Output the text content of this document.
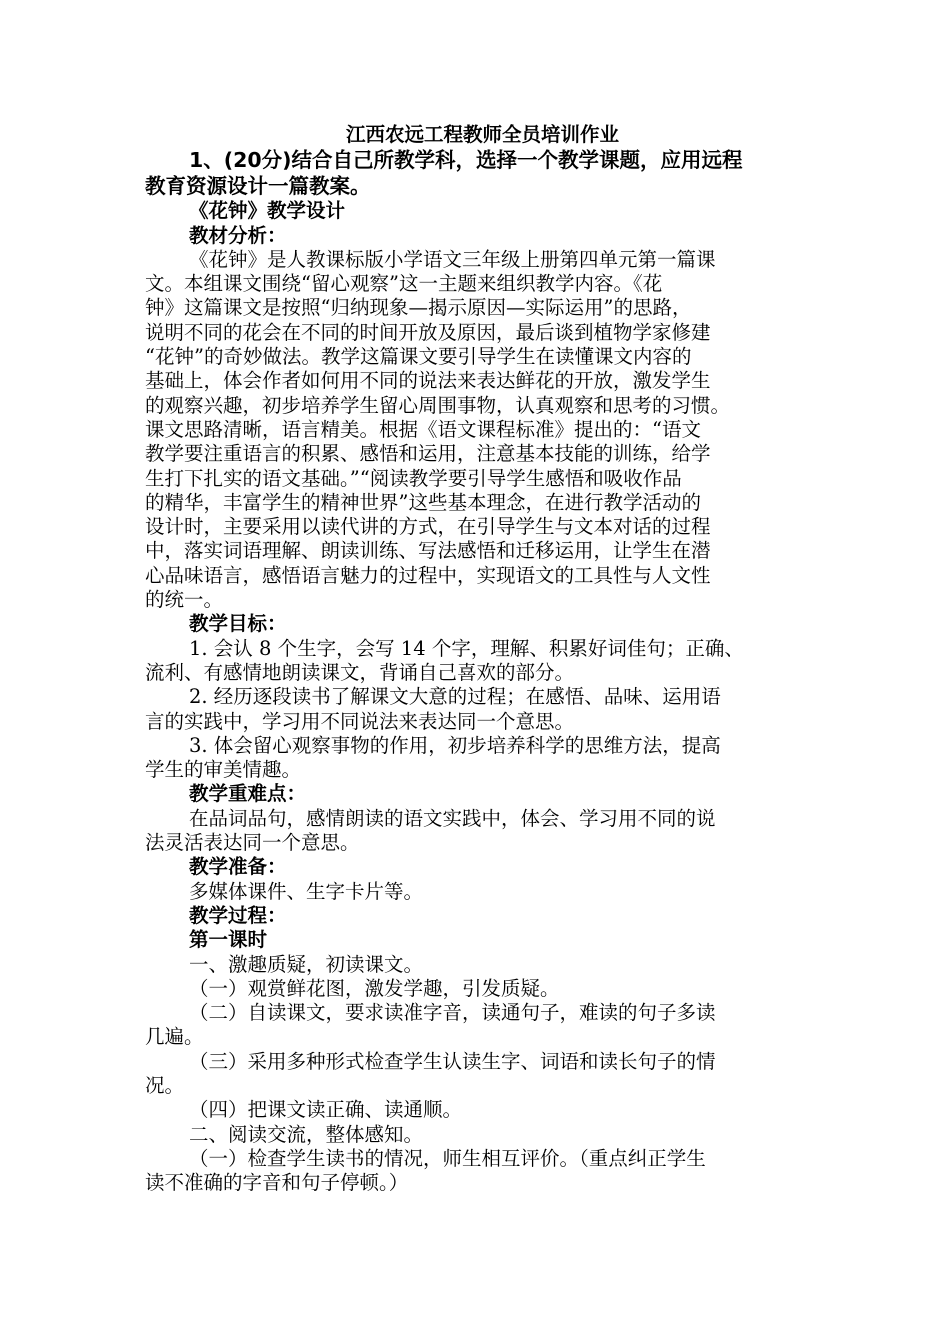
江西农远工程教师全员培训作业
1、(20分)结合自己所教学科，选择一个教学课题，应用远程
教育资源设计一篇教案。
《花钟》教学设计
教材分析：
《花钟》是人教课标版小学语文三年级上册第四单元第一篇课
文。本组课文围绕“留心观察”这一主题来组织教学内容。《花
钟》这篇课文是按照“归纳现象—揭示原因—实际运用”的思路，
说明不同的花会在不同的时间开放及原因，最后谈到植物学家修建
“花钟”的奇妙做法。教学这篇课文要引导学生在读懂课文内容的
基础上，体会作者如何用不同的说法来表达鲜花的开放，激发学生
的观察兴趣，初步培养学生留心周围事物，认真观察和思考的习惯。
课文思路清晰，语言精美。根据《语文课程标准》提出的：“语文
教学要注重语言的积累、感悟和运用，注意基本技能的训练，给学
生打下扎实的语文基础。”“阅读教学要引导学生感悟和吸收作品
的精华，丰富学生的精神世界”这些基本理念，在进行教学活动的
设计时，主要采用以读代讲的方式，在引导学生与文本对话的过程
中，落实词语理解、朗读训练、写法感悟和迁移运用，让学生在潜
心品味语言，感悟语言魅力的过程中，实现语文的工具性与人文性
的统一。
教学目标：
1. 会认 8 个生字，会写 14 个字，理解、积累好词佳句；正确、
流利、有感情地朗读课文，背诵自己喜欢的部分。
2. 经历逐段读书了解课文大意的过程；在感悟、品味、运用语
言的实践中，学习用不同说法来表达同一个意思。
3. 体会留心观察事物的作用，初步培养科学的思维方法，提高
学生的审美情趣。
教学重难点：
在品词品句，感情朗读的语文实践中，体会、学习用不同的说
法灵活表达同一个意思。
教学准备：
多媒体课件、生字卡片等。
教学过程：
第一课时
一、激趣质疑，初读课文。
（一）观赏鲜花图，激发学趣，引发质疑。
（二）自读课文，要求读准字音，读通句子，难读的句子多读
几遍。
（三）采用多种形式检查学生认读生字、词语和读长句子的情
况。
（四）把课文读正确、读通顺。
二、阅读交流，整体感知。
（一）检查学生读书的情况，师生相互评价。（重点纠正学生
读不准确的字音和句子停顿。）
